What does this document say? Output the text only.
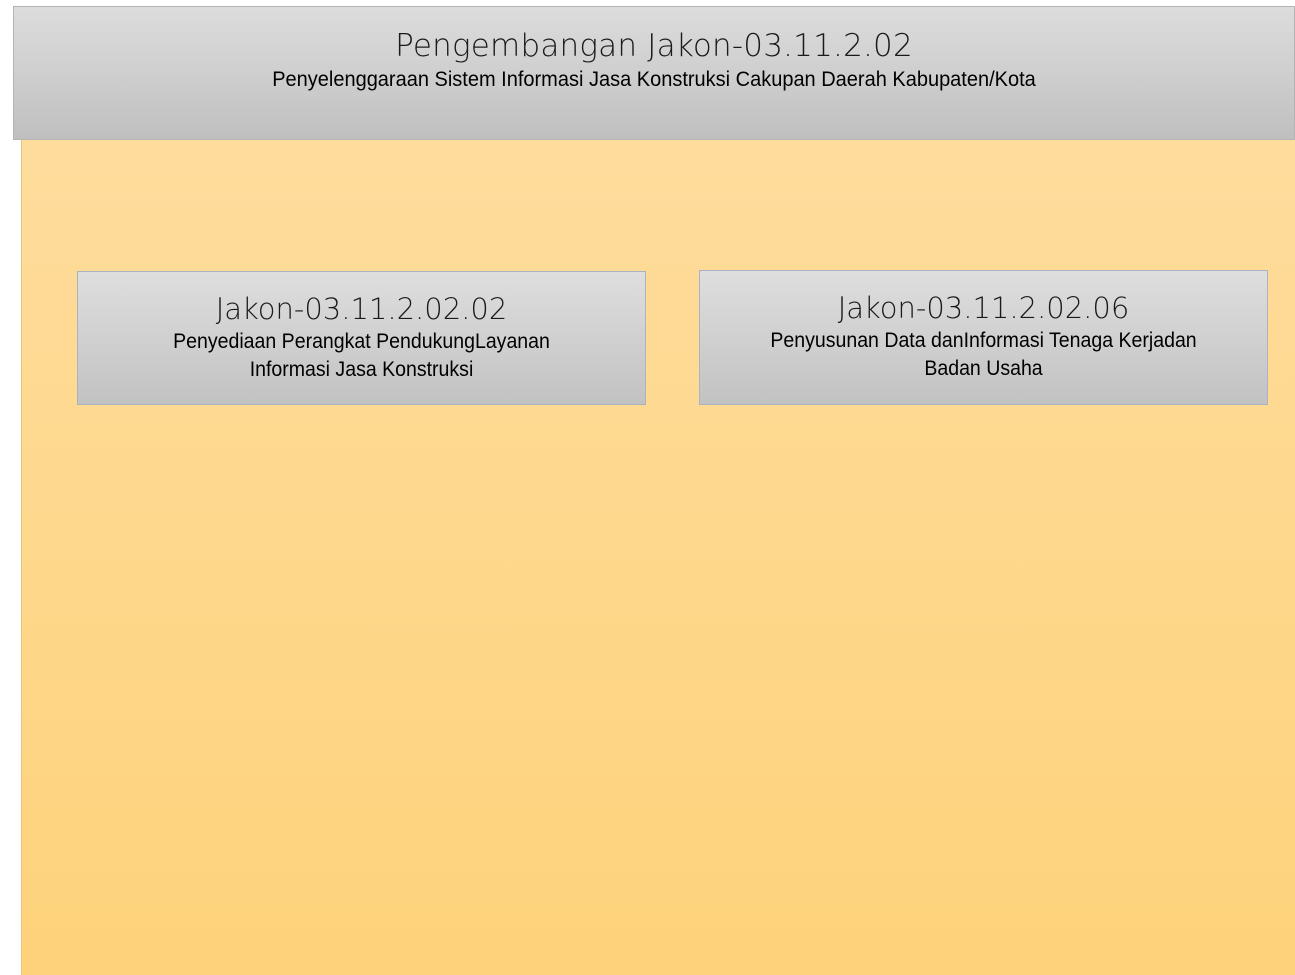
Pengembangan Jakon-03.11.2.02
Penyelenggaraan Sistem Informasi Jasa Konstruksi Cakupan Daerah Kabupaten/Kota
Jakon-03.11.2.02.02
Penyediaan Perangkat PendukungLayanan
Informasi Jasa Konstruksi
Jakon-03.11.2.02.06
Penyusunan Data danInformasi Tenaga Kerjadan
Badan Usaha
